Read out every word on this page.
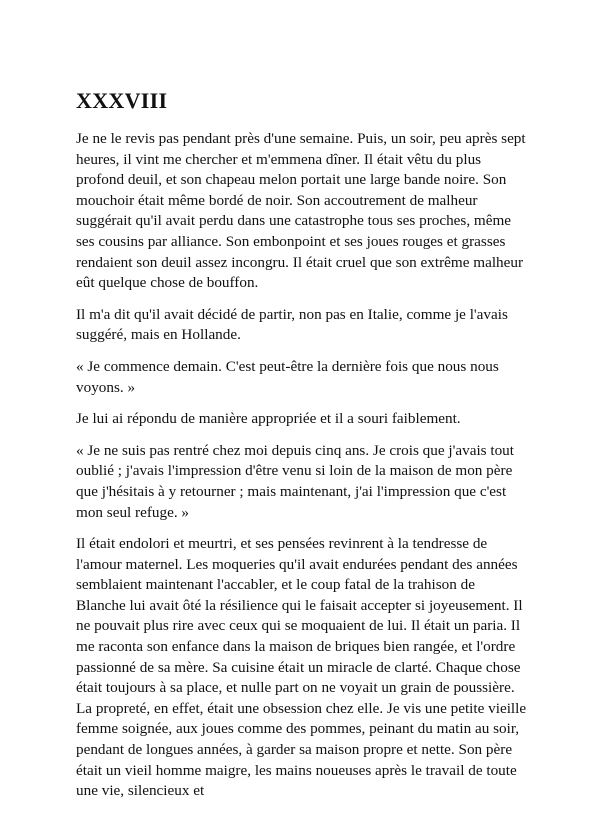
XXXVIII

Je ne le revis pas pendant près d'une semaine. Puis, un soir, peu après sept heures, il vint me chercher et m'emmena dîner. Il était vêtu du plus profond deuil, et son chapeau melon portait une large bande noire. Son mouchoir était même bordé de noir. Son accoutrement de malheur suggérait qu'il avait perdu dans une catastrophe tous ses proches, même ses cousins par alliance. Son embonpoint et ses joues rouges et grasses rendaient son deuil assez incongru. Il était cruel que son extrême malheur eût quelque chose de bouffon.

Il m'a dit qu'il avait décidé de partir, non pas en Italie, comme je l'avais suggéré, mais en Hollande.

« Je commence demain. C'est peut-être la dernière fois que nous nous voyons. »

Je lui ai répondu de manière appropriée et il a souri faiblement.

« Je ne suis pas rentré chez moi depuis cinq ans. Je crois que j'avais tout oublié ; j'avais l'impression d'être venu si loin de la maison de mon père que j'hésitais à y retourner ; mais maintenant, j'ai l'impression que c'est mon seul refuge. »

Il était endolori et meurtri, et ses pensées revinrent à la tendresse de l'amour maternel. Les moqueries qu'il avait endurées pendant des années semblaient maintenant l'accabler, et le coup fatal de la trahison de Blanche lui avait ôté la résilience qui le faisait accepter si joyeusement. Il ne pouvait plus rire avec ceux qui se moquaient de lui. Il était un paria. Il me raconta son enfance dans la maison de briques bien rangée, et l'ordre passionné de sa mère. Sa cuisine était un miracle de clarté. Chaque chose était toujours à sa place, et nulle part on ne voyait un grain de poussière. La propreté, en effet, était une obsession chez elle. Je vis une petite vieille femme soignée, aux joues comme des pommes, peinant du matin au soir, pendant de longues années, à garder sa maison propre et nette. Son père était un vieil homme maigre, les mains noueuses après le travail de toute une vie, silencieux et
